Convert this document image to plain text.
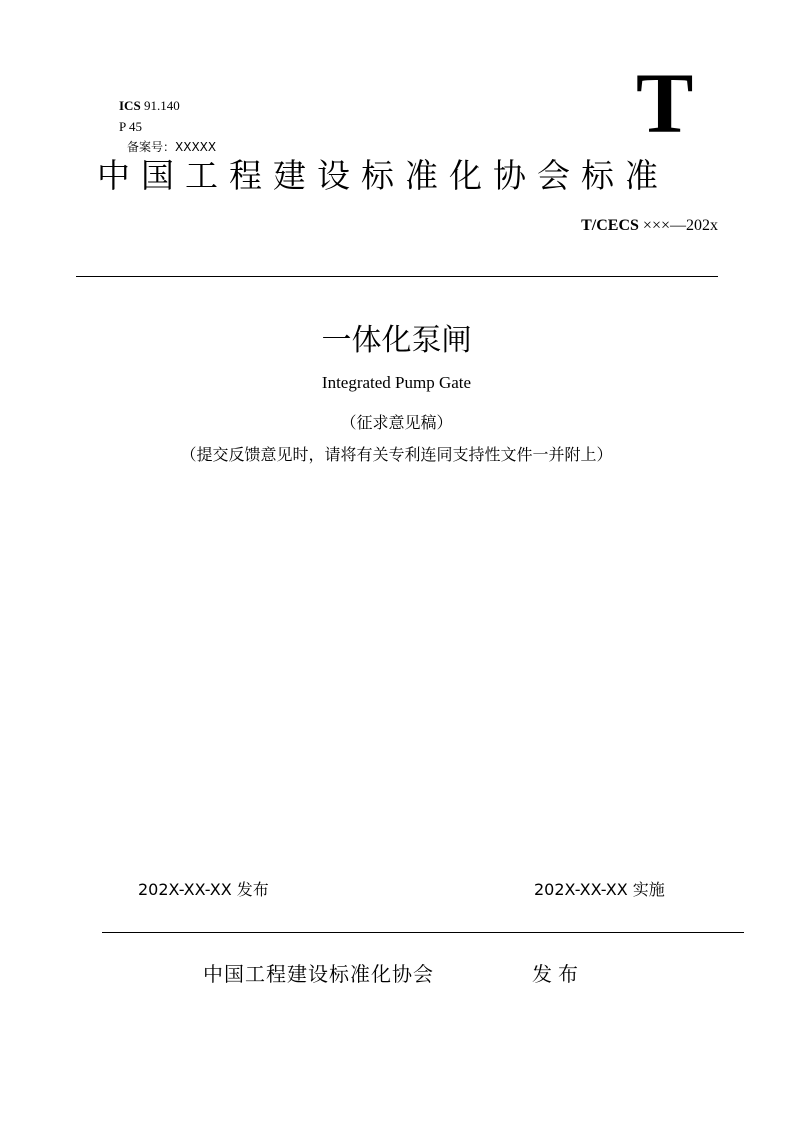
ICS 91.140
P 45
备案号：XXXXX	T
中国工程建设标准化协会标准
T/CECS ×××—202x
一体化泵闸
Integrated Pump Gate
（征求意见稿）
（提交反馈意见时，请将有关专利连同支持性文件一并附上）
202X-XX-XX 发布	202X-XX-XX 实施
中国工程建设标准化协会	发布
